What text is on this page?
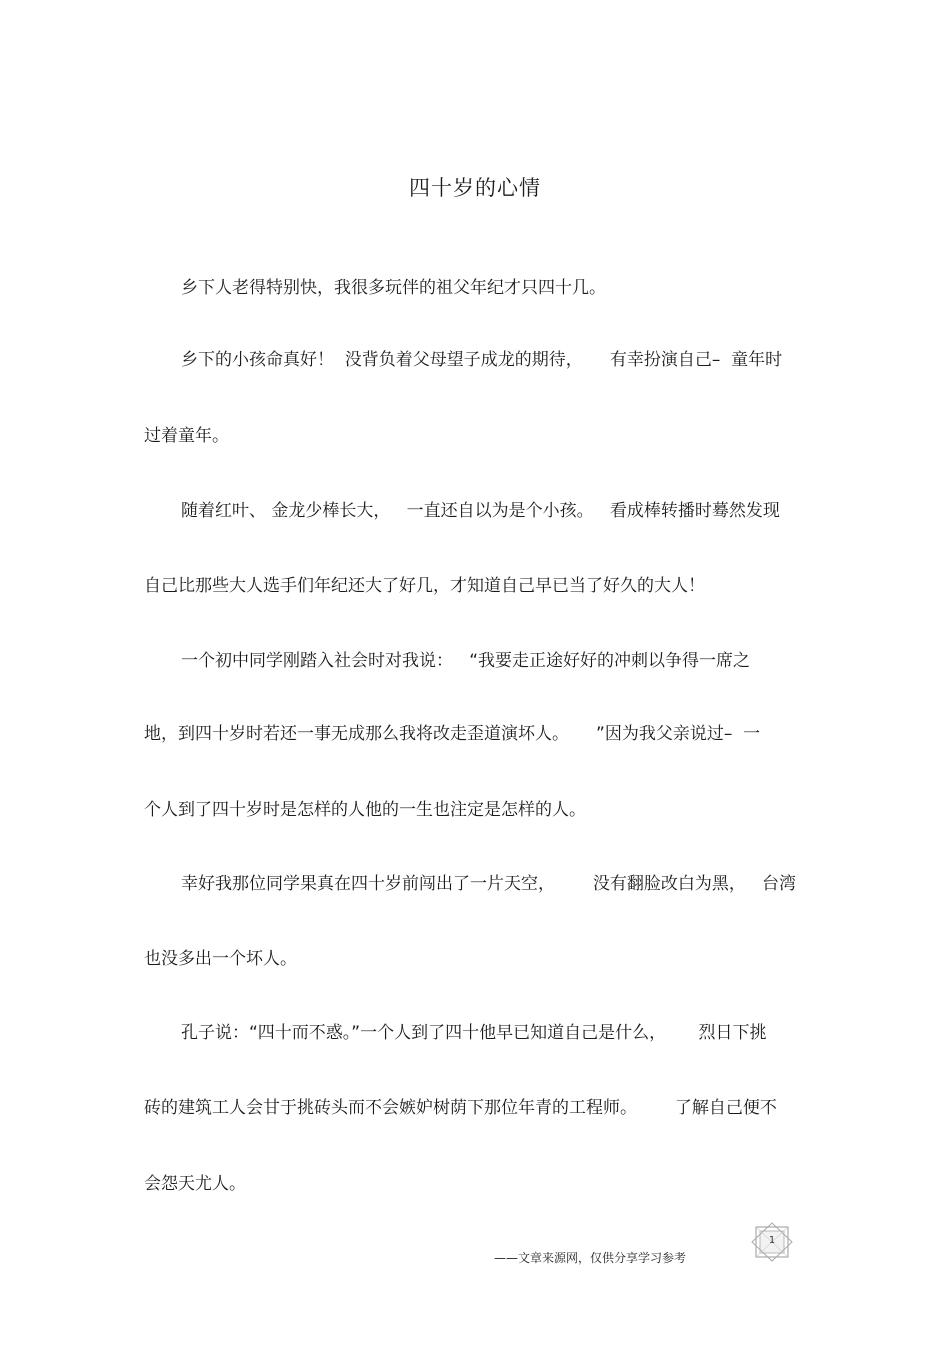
四十岁的心情
乡下人老得特别快，我很多玩伴的祖父年纪才只四十几。
乡下的小孩命真好！  没背负着父母望子成龙的期待，     有幸扮演自己–  童年时
过着童年。
随着红叶、 金龙少棒长大，   一直还自以为是个小孩。   看成棒转播时蓦然发现
自己比那些大人选手们年纪还大了好几，才知道自己早已当了好久的大人！
一个初中同学刚踏入社会时对我说：   “我要走正途好好的冲刺以争得一席之
地，到四十岁时若还一事无成那么我将改走歪道演坏人。     ”因为我父亲说过–  一
个人到了四十岁时是怎样的人他的一生也注定是怎样的人。
幸好我那位同学果真在四十岁前闯出了一片天空，       没有翻脸改白为黑，   台湾
也没多出一个坏人。
孔子说：“四十而不惑。”一个人到了四十他早已知道自己是什么，      烈日下挑
砖的建筑工人会甘于挑砖头而不会嫉妒树荫下那位年青的工程师。       了解自己便不
会怨天尤人。
——文章来源网，仅供分享学习参考
1
